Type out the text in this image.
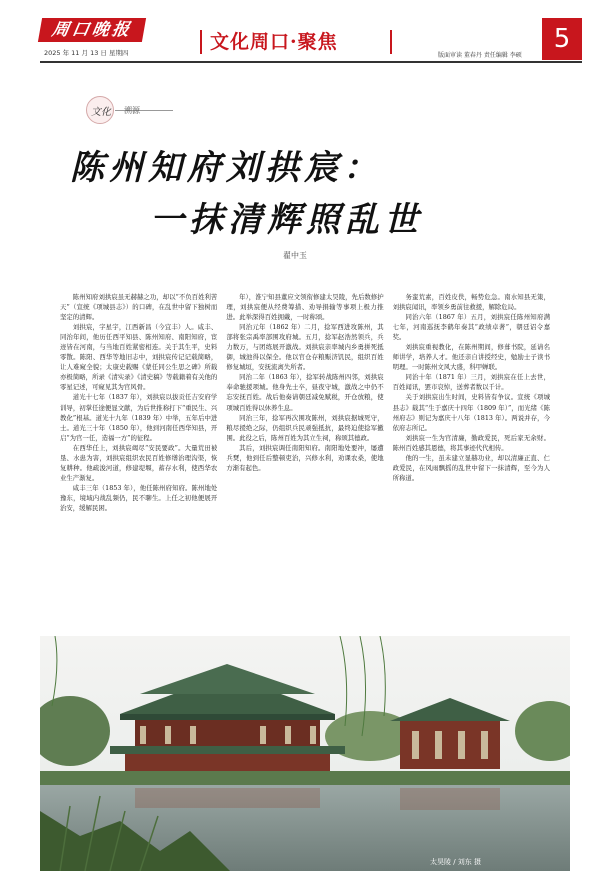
周口晚报
2025 年 11 月 13 日 星期四	文化周口·聚焦
版面审读 董春丹 责任编辑 李硕
5
文化 溯源
陈州知府刘拱宸：
一抹清辉照乱世
翟中玉

陈州知府刘拱宸虽无赫赫之功，却以“不负百姓利苦天”（宣统《项城县志》）的口碑，在乱世中留下独树而坚定的清辉。

刘拱宸，字星宇，江西新昌（今宜丰）人。咸丰、同治年间，他历任西平知县、陈州知府、南阳知府，宦迹皆在河南，与当地百姓紧密相连。关于其生平，史料零散。陈阳、西华等地旧志中，刘拱宸传记记载简略，让人难窥全貌；太康史载赐《蒙任同公生思之碑》所载亦极简略，所录《清实录》《清史稿》等载籍着有关他的零星记述，可窥见其为官风骨。

道光十七年（1837 年），刘拱宸以拔贡任吉安府学训导，初掌任途便显文献，为后世推称打下“重民生、兴教化”根基。道光十九年（1839 年）中举，五年后中进士。道光三十年（1850 年），他到河南任西华知县，开启“为官一任，造福一方”的征程。

在西华任上，刘拱宸竭尽“安民要政”。大量荒田被垦、水患为害，刘拱宸组织农民百姓修缮治理沟渠，恢复耕种。他疏浚河道，修建堤堰，蓄存水利，使西华农业生产渐复。

咸丰三年（1853 年），他任陈州府知府。陈州地处豫东，境域内战乱频仍，民不聊生。上任之初他便展开治安，缓解民困。

年），淮宁知县董应文领衔修建太昊陵，先后数修护理，刘拱宸便从经费筹措、劝导捐输等事项上极力推进。此举深得百姓拥戴，一时称颂。

同治元年（1862 年）二月，捻军西进攻陈州，其部将张宗禹率部围攻府城。五月，捻军赵浩然领兵，兵力数万，与团练展开激战。刘拱宸亲率城内乡勇拼死抵御，城池得以保全。他以官仓存粮赈济饥民，组织百姓修复城垣，安抚流离失所者。

同治二年（1863 年），捻军转战陈州四邻，刘拱宸奉命驰援项城。他身先士卒，昼夜守城，激战之中仍不忘安抚百姓。战后他奏请朝廷减免赋税，开仓放粮，使项城百姓得以休养生息。

同治三年，捻军再次围攻陈州，刘拱宸据城死守，粮尽援绝之际，仍组织兵民顽强抵抗，最终迫使捻军撤围。此役之后，陈州百姓为其立生祠，称颂其德政。

其后，刘拱宸调任南阳知府。南阳地处要冲，屡遭兵燹，他到任后整顿吏治，兴修水利，劝课农桑，使地方渐有起色。

务蛮荒素，百姓皮佚，畅势危急。南水知县无策，刘拱宸闻讯，率领乡勇前往救援，解除危局。

同治六年（1867 年）五月，刘拱宸任陈州知府满七年，河南巡抚李鹤年奏其“政绩卓著”，朝廷诏令嘉奖。

刘拱宸重视教化，在陈州期间，修葺书院，延请名师讲学，培养人才。他还亲自讲授经史，勉励士子读书明理。一时陈州文风大盛，科甲蝉联。

同治十年（1871 年）三月，刘拱宸在任上去世，百姓闻讯，罢市哀悼，送葬者数以千计。

关于刘拱宸出生时间，史料皆有争议。宣统《项城县志》载其“生于嘉庆十四年（1809 年）”，而光绪《陈州府志》则记为嘉庆十八年（1813 年）。两说并存，今依府志所记。

刘拱宸一生为官清廉，勤政爱民，死后家无余财。陈州百姓感其恩德，将其事迹代代相传。

他的一生，虽未建立显赫功业，却以清廉正直、仁政爱民，在风雨飘摇的乱世中留下一抹清辉，至今为人所称道。

太昊陵 / 刘东 摄
